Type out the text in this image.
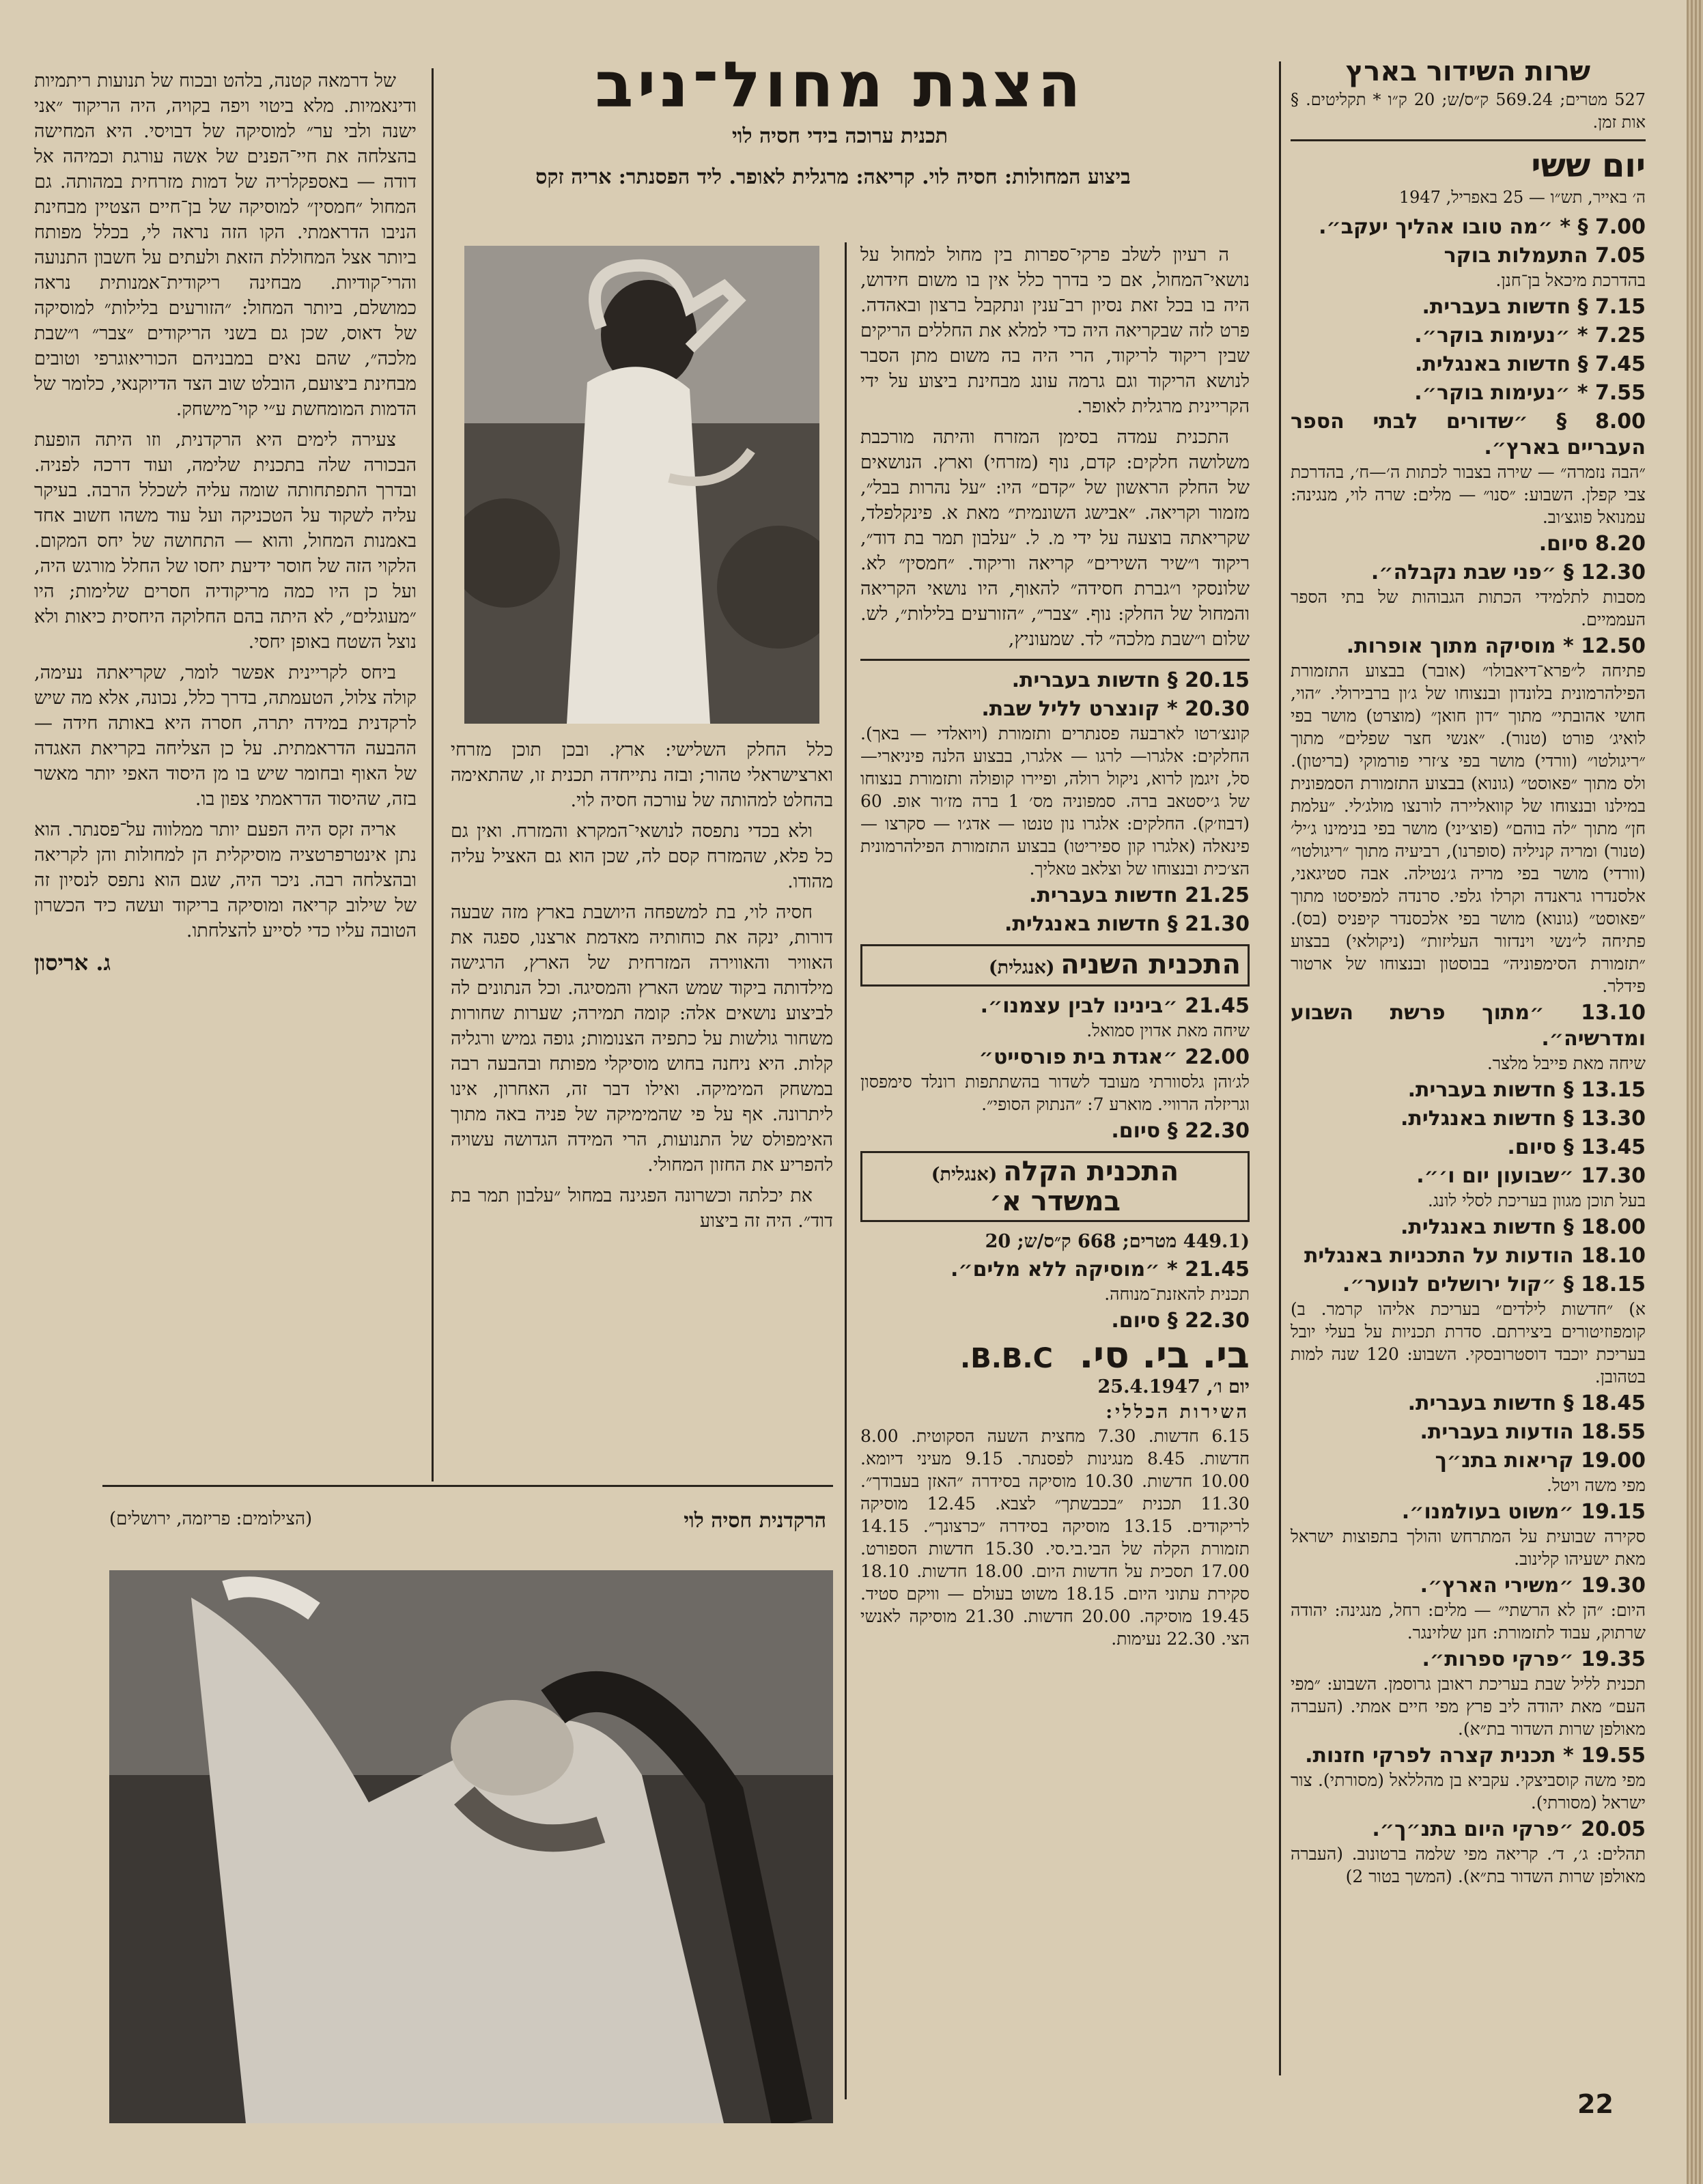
שרות השידור בארץ
527 מטרים; 569.24 ק״ס/ש; 20 ק״ו * תקליטים. § אות זמן.
יום ששי
ה׳ באייר, תש״ו — 25 באפריל, 1947
7.00 § * ״מה טובו אהליך יעקב״.
7.05 התעמלות בוקר
בהדרכת מיכאל בן־חנן.
7.15 § חדשות בעברית.
7.25 * ״נעימות בוקר״.
7.45 § חדשות באנגלית.
7.55 * ״נעימות בוקר״.
8.00 § ״שדורים לבתי הספר העבריים בארץ״.
״הבה נזמרה״ — שירה בצבור לכתות ה׳—ח׳, בהדרכת צבי קפלן. השבוע: ״סנו״ — מלים: שרה לוי, מנגינה: עמנואל פוגצ׳וב.
8.20 סיום.
12.30 § ״פני שבת נקבלה״.
מסבות לתלמידי הכתות הגבוהות של בתי הספר העממיים.
12.50 * מוסיקה מתוך אופרות.
פתיחה ל״פרא־דיאבולו״ (אובר) בבצוע התזמורת הפילהרמונית בלונדון ובנצוחו של ג׳ון ברבירולי. ״הוי, חושי אהובתי״ מתוך ״דון חואן״ (מוצרט) מושר בפי לואיג׳ פורט (טנור). ״אנשי חצר שפלים״ מתוך ״ריגולטו״ (וורדי) מושר בפי צ׳זרי פורמוקי (בריטון). ולס מתוך ״פאוסט״ (גונוא) בבצוע התזמורת הסמפונית במילנו ובנצוחו של קוואליירה לורנצו מולג׳לי. ״עלמת חן״ מתוך ״לה בוהם״ (פוצ׳יני) מושר בפי בנימינו ג׳יל׳ (טנור) ומריה קניליה (סופרנו), רביעיה מתוך ״ריגולטו״ (וורדי) מושר בפי מריה ג׳נטילה. אבה סטיגאני, אלסנדרו גראנדה וקרלו גלפי. סרנדה למפיסטו מתוך ״פאוסט״ (גונוא) מושר בפי אלכסנדר קיפניס (בס). פתיחה ל״נשי וינדזור העליזות״ (ניקולאי) בבצוע ״תזמורת הסימפוניה״ בבוסטון ובנצוחו של ארטור פידלר.
13.10 ״מתוך פרשת השבוע ומדרשיה״.
שיחה מאת פייבל מלצר.
13.15 § חדשות בעברית.
13.30 § חדשות באנגלית.
13.45 § סיום.
17.30 ״שבועון יום ו׳״.
בעל תוכן מגוון בעריכת לסלי לונג.
18.00 § חדשות באנגלית.
18.10 הודעות על התכניות באנגלית
18.15 § ״קול ירושלים לנוער״.
א) ״חדשות לילדים״ בעריכת אליהו קרמר. ב) קומפוזיטורים ביצירתם. סדרת תכניות על בעלי יובל בעריכת יוכבד דוסטרובסקי. השבוע: 120 שנה למות בטהובן.
18.45 § חדשות בעברית.
18.55 הודעות בעברית.
19.00 קריאות בתנ״ך
מפי משה ויטל.
19.15 ״משוט בעולמנו״.
סקירה שבועית על המתרחש והולך בתפוצות ישראל מאת ישעיהו קלינוב.
19.30 ״משירי הארץ״.
היום: ״הן לא הרשתי״ — מלים: רחל, מנגינה: יהודה שרתוק, עבוד לתזמורת: חנן שלזינגר.
19.35 ״פרקי ספרות״.
תכנית לליל שבת בעריכת ראובן גרוסמן. השבוע: ״מפי העם״ מאת יהודה ליב פרץ מפי חיים אמתי. (העברה מאולפן שרות השדור בת״א).
19.55 * תכנית קצרה לפרקי חזנות.
מפי משה קוסביצקי. עקביא בן מהללאל (מסורתי). צור ישראל (מסורתי).
20.05 ״פרקי היום בתנ״ך״.
תהלים: ג׳, ד׳. קריאה מפי שלמה ברטונוב. (העברה מאולפן שרות השדור בת״א). (המשך בטור 2)
הצגת מחול־ניב
תכנית ערוכה בידי חסיה לוי
ביצוע המחולות: חסיה לוי. קריאה: מרגלית לאופר. ליד הפסנתר: אריה זקס
ה רעיון לשלב פרקי־ספרות בין מחול למחול על נושאי־המחול, אם כי בדרך כלל אין בו משום חידוש, היה בו בכל זאת נסיון רב־ענין ונתקבל ברצון ובאהדה. פרט לזה שבקריאה היה כדי למלא את החללים הריקים שבין ריקוד לריקוד, הרי היה בה משום מתן הסבר לנושא הריקוד וגם גרמה עונג מבחינת ביצוע על ידי הקריינית מרגלית לאופר.
התכנית עמדה בסימן המזרח והיתה מורכבת משלושה חלקים: קדם, נוף (מזרחי) וארץ. הנושאים של החלק הראשון של ״קדם״ היו: ״על נהרות בבל״, מזמור וקריאה. ״אבישג השונמית״ מאת א. פינקלפלד, שקריאתה בוצעה על ידי מ. ל. ״עלבון תמר בת דוד״, ריקוד ו״שיר השירים״ קריאה וריקוד. ״חמסין״ לא. שלונסקי ו״גברת חסידה״ להאוף, היו נושאי הקריאה והמחול של החלק: נוף. ״צבר״, ״הזורעים בלילות״, לש. שלום ו״שבת מלכה״ לד. שמעוניץ,
20.15 § חדשות בעברית.
20.30 * קונצרט לליל שבת.
קונצ׳רטו לארבעה פסנתרים ותזמורת (ויואלדי — באך). החלקים: אלגרו— לרגו — אלגרו, בבצוע הלנה פיניארי— סל, זיגמן לרוא, ניקול רולה, ופיירו קופולה ותזמורת בנצוחו של ג׳יסטאב ברה. סמפוניה מס׳ 1 ברה מז׳ור אופ. 60 (דבוז׳ק). החלקים: אלגרו נון טנטו — אדג׳ו — סקרצו — פינאלה (אלגרו קון ספיריטו) בבצוע התזמורת הפילהרמונית הצ׳כית ובנצוחו של וצלאב טאליך.
21.25 חדשות בעברית.
21.30 § חדשות באנגלית.
התכנית השניה (אנגלית)
21.45 ״בינינו לבין עצמנו״.
שיחה מאת אדוין סמואל.
22.00 ״אגדת בית פורסייט״
לג׳והן גלסוורתי מעובד לשדור בהשתתפות רונלד סימפסון וגריזלה הרוויי. מוארע 7: ״הנתוק הסופי״.
22.30 § סיום.
התכנית הקלה (אנגלית)
במשדר א׳
(449.1 מטרים; 668 ק״ס/ש; 20
21.45 * ״מוסיקה ללא מלים״.
תכנית להאזנת־מנוחה.
22.30 § סיום.
בי. בי. סי. B.B.C.
יום ו׳, 25.4.1947
השירות הכללי:
6.15 חדשות. 7.30 מחצית השעה הסקוטית. 8.00 חדשות. 8.45 מנגינות לפסנתר. 9.15 מעיני דיומא. 10.00 חדשות. 10.30 מוסיקה בסידרה ״האזן בעבודך״. 11.30 תכנית ״בכבשתך״ לצבא. 12.45 מוסיקה לריקודים. 13.15 מוסיקה בסידרה ״כרצונך״. 14.15 תזמורת הקלה של הבי.בי.סי. 15.30 חדשות הספורט. 17.00 תסכית על חדשות היום. 18.00 חדשות. 18.10 סקירת עתוני היום. 18.15 משוט בעולם — וויקם סטיד. 19.45 מוסיקה. 20.00 חדשות. 21.30 מוסיקה לאנשי הצי. 22.30 נעימות.
כלל החלק השלישי: ארץ. ובכן תוכן מזרחי וארצישראלי טהור; ובזה נתייחדה תכנית זו, שהתאימה בהחלט למהותה של עורכה חסיה לוי.
ולא בכדי נתפסה לנושאי־המקרא והמזרח. ואין גם כל פלא, שהמזרח קסם לה, שכן הוא גם האציל עליה מהודו.
חסיה לוי, בת למשפחה היושבת בארץ מזה שבעה דורות, ינקה את כוחותיה מאדמת ארצנו, ספגה את האוויר והאווירה המזרחית של הארץ, הרגישה מילדותה ביקוד שמש הארץ והמסיגה. וכל הנתונים לה לביצוע נושאים אלה: קומה תמירה; שערות שחורות משחור גולשות על כתפיה הצנומות; גופה גמיש ורגליה קלות. היא ניחנה בחוש מוסיקלי מפותח ובהבעה רבה במשחק המימיקה. ואילו דבר זה, האחרון, אינו ליתרונה. אף על פי שהמימיקה של פניה באה מתוך האימפולס של התנועות, הרי המידה הגדושה עשויה להפריע את החזון המחולי.
את יכלתה וכשרונה הפגינה במחול ״עלבון תמר בת דוד״. היה זה ביצוע
של דרמאה קטנה, בלהט ובכוח של תנועות ריתמיות ודינאמיות. מלא ביטוי ויפה בקויה, היה הריקוד ״אני ישנה ולבי ער״ למוסיקה של דבויסי. היא המחישה בהצלחה את חיי־הפנים של אשה עורגת וכמיהה אל דודה — באספקלריה של דמות מזרחית במהותה. גם המחול ״חמסין״ למוסיקה של בן־חיים הצטיין מבחינת הניבו הדראמתי. הקו הזה נראה לי, בכלל מפותח ביותר אצל המחוללת הזאת ולעתים על חשבון התנועה והרי־קודיות. מבחינה ריקודית־אמנותית נראה כמושלם, ביותר המחול: ״הזורעים בלילות״ למוסיקה של דאוס, שכן גם בשני הריקודים ״צבר״ ו״שבת מלכה״, שהם נאים במבניהם הכוריאוגרפי וטובים מבחינת ביצועם, הובלט שוב הצד הדיוקנאי, כלומר של הדמות המומחשת ע״י קוי־מישחק.
צעירה לימים היא הרקדנית, וזו היתה הופעת הבכורה שלה בתכנית שלימה, ועוד דרכה לפניה. ובדרך התפתחותה שומה עליה לשכלל הרבה. בעיקר עליה לשקוד על הטכניקה ועל עוד משהו חשוב אחד באמנות המחול, והוא — התחושה של יחס המקום. הלקוי הזה של חוסר ידיעת יחסו של החלל מורגש היה, ועל כן היו כמה מריקודיה חסרים שלימות; היו ״מעוגלים״, לא היתה בהם החלוקה היחסית כיאות ולא נוצל השטח באופן יחסי.
ביחס לקריינית אפשר לומר, שקריאתה נעימה, קולה צלול, הטעמתה, בדרך כלל, נכונה, אלא מה שיש לרקדנית במידה יתרה, חסרה היא באותה חידה — ההבעה הדראמתית. על כן הצליחה בקריאת האגדה של האוף ובחומר שיש בו מן היסוד האפי יותר מאשר בזה, שהיסוד הדראמתי צפון בו.
אריה זקס היה הפעם יותר ממלווה על־פסנתר. הוא נתן אינטרפרטציה מוסיקלית הן למחולות והן לקריאה ובהצלחה רבה. ניכר היה, שגם הוא נתפס לנסיון זה של שילוב קריאה ומוסיקה בריקוד ועשה כיד הכשרון הטובה עליו כדי לסייע להצלחתו.
ג. אריסון
הרקדנית חסיה לוי
(הצילומים: פריזמה, ירושלים)
22
